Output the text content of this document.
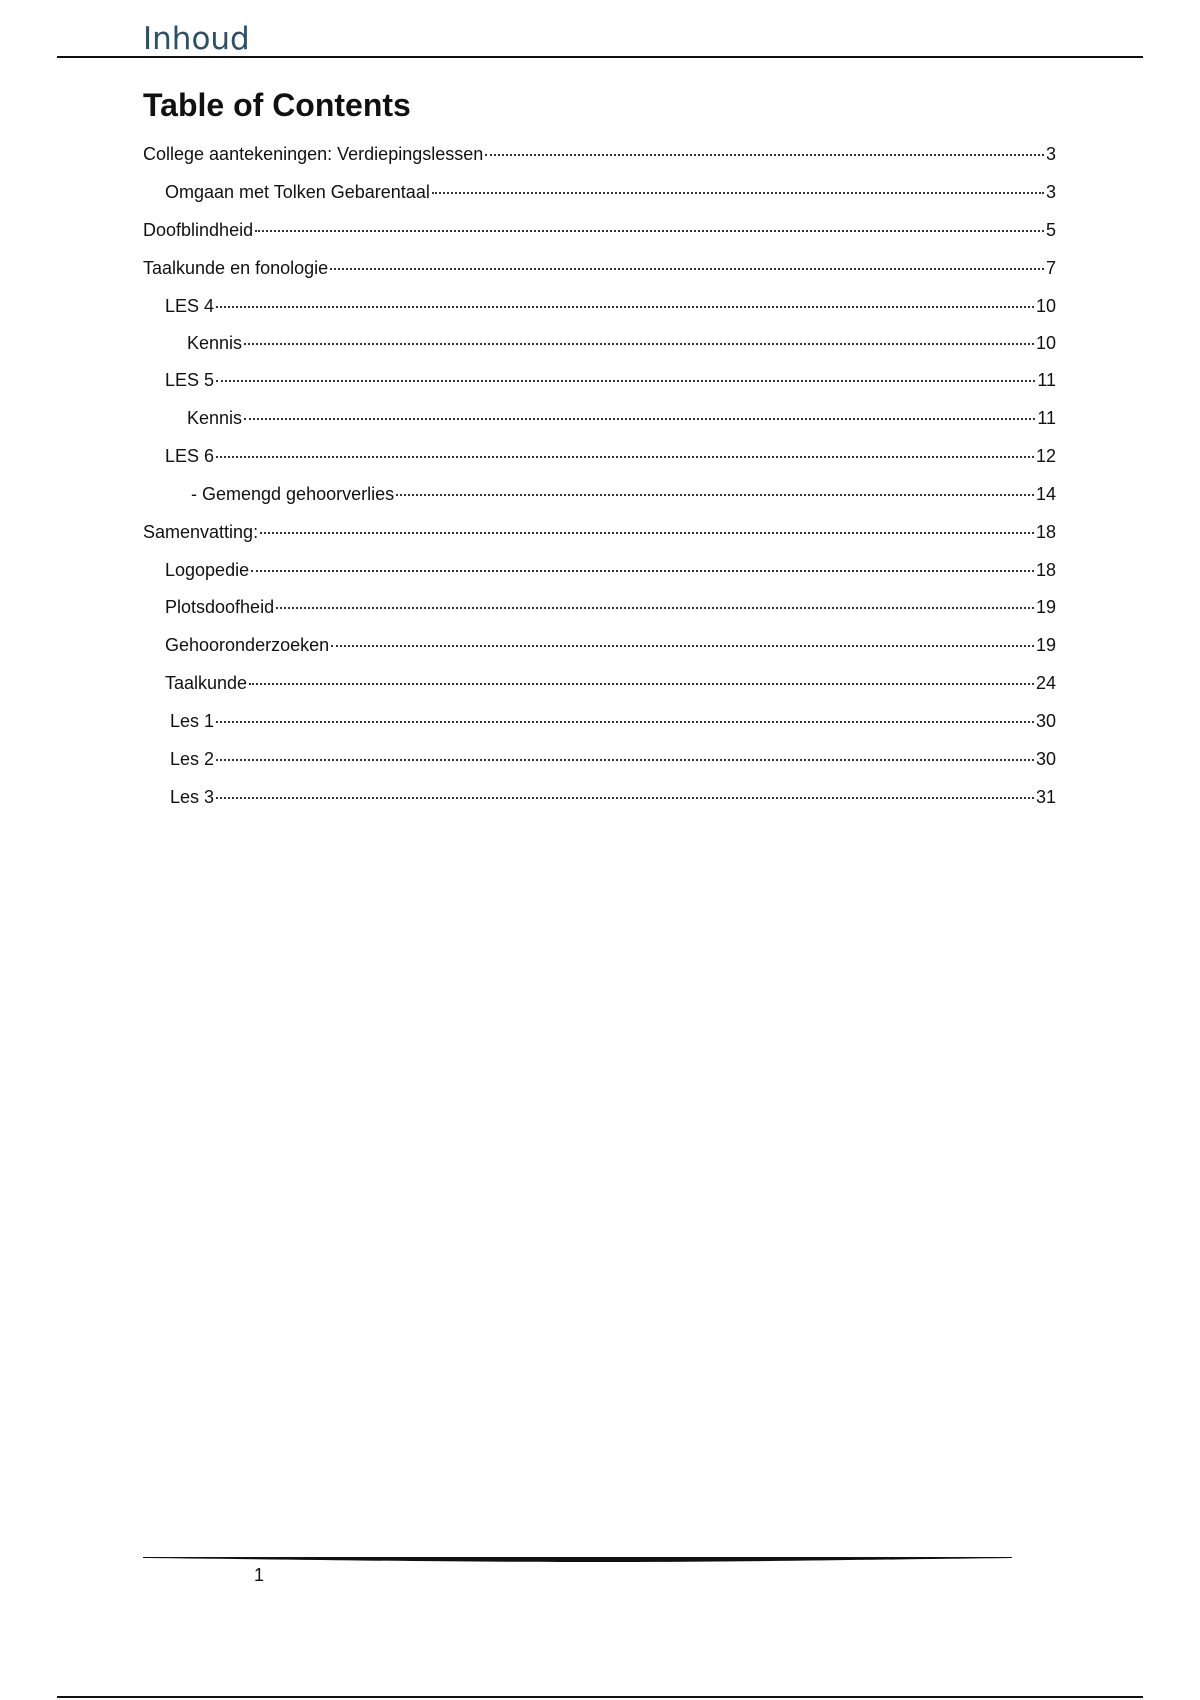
Inhoud
Table of Contents
College aantekeningen: Verdiepingslessen	3
Omgaan met Tolken Gebarentaal	3
Doofblindheid	5
Taalkunde en fonologie	7
LES 4	10
Kennis	10
LES 5	11
Kennis	11
LES 6	12
- Gemengd gehoorverlies	14
Samenvatting:	18
Logopedie	18
Plotsdoofheid	19
Gehooronderzoeken	19
Taalkunde	24
Les 1	30
Les 2	30
Les 3	31
1
